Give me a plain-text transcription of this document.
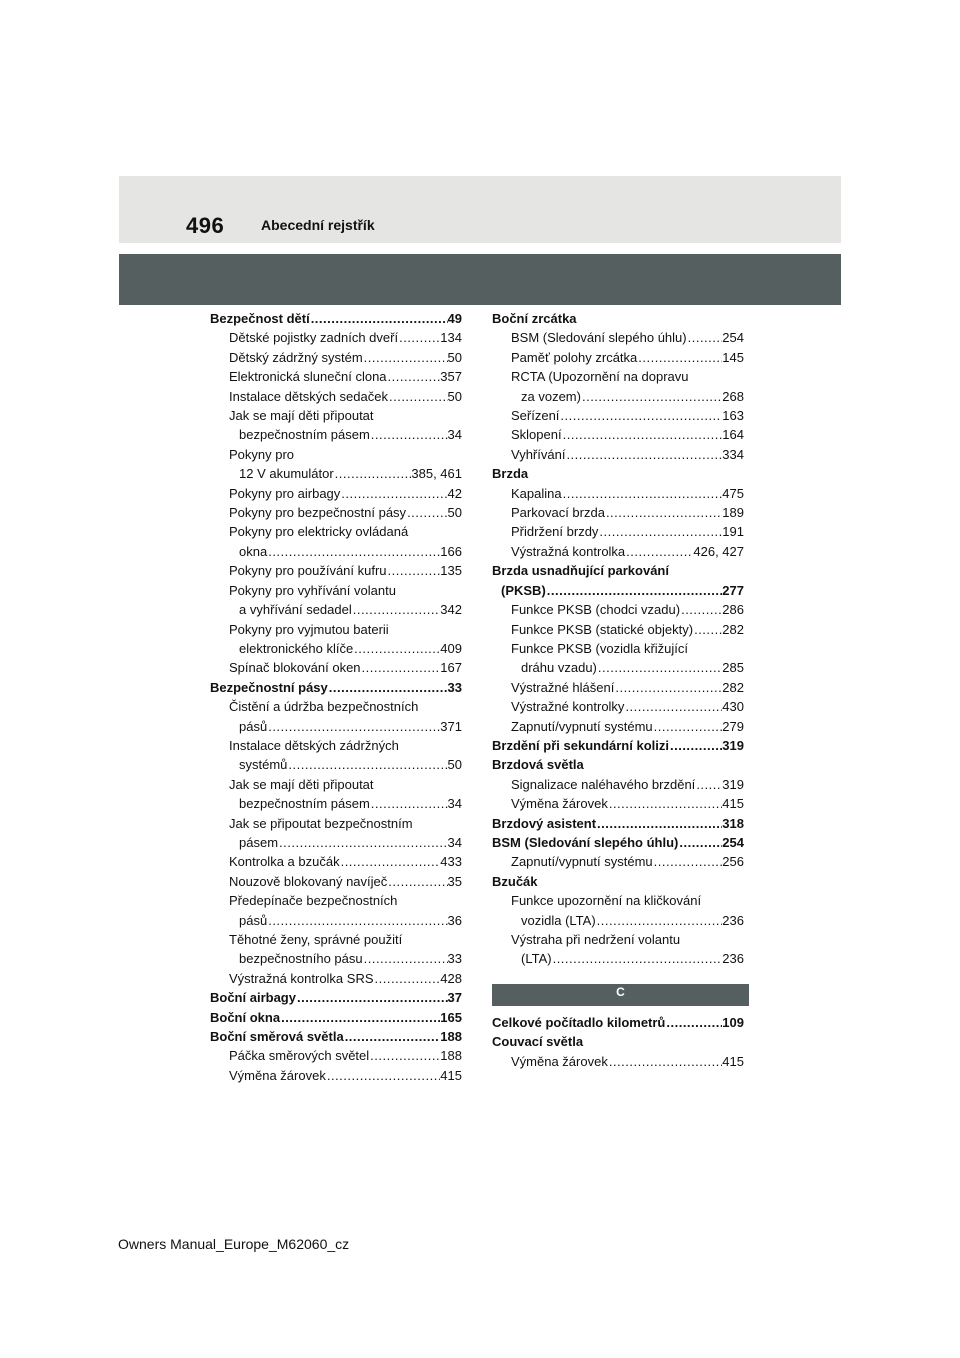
496	Abecední rejstřík
Bezpečnost dětí .....	49
Dětské pojistky zadních dveří .....	134
Dětský zádržný systém .....	50
Elektronická sluneční clona .....	357
Instalace dětských sedaček .....	50
Jak se mají děti připoutat
bezpečnostním pásem .....	34
Pokyny pro
12 V akumulátor .....	385, 461
Pokyny pro airbagy .....	42
Pokyny pro bezpečnostní pásy .....	50
Pokyny pro elektricky ovládaná
okna .....	166
Pokyny pro používání kufru .....	135
Pokyny pro vyhřívání volantu
a vyhřívání sedadel .....	342
Pokyny pro vyjmutou baterii
elektronického klíče .....	409
Spínač blokování oken .....	167
Bezpečnostní pásy .....	33
Čistění a údržba bezpečnostních
pásů .....	371
Instalace dětských zádržných
systémů .....	50
Jak se mají děti připoutat
bezpečnostním pásem .....	34
Jak se připoutat bezpečnostním
pásem .....	34
Kontrolka a bzučák .....	433
Nouzově blokovaný navíječ .....	35
Předepínače bezpečnostních
pásů .....	36
Těhotné ženy, správné použití
bezpečnostního pásu .....	33
Výstražná kontrolka SRS .....	428
Boční airbagy .....	37
Boční okna .....	165
Boční směrová světla .....	188
Páčka směrových světel .....	188
Výměna žárovek .....	415
Boční zrcátka
BSM (Sledování slepého úhlu) .....	254
Paměť polohy zrcátka .....	145
RCTA (Upozornění na dopravu
za vozem) .....	268
Seřízení .....	163
Sklopení .....	164
Vyhřívání .....	334
Brzda
Kapalina .....	475
Parkovací brzda .....	189
Přidržení brzdy .....	191
Výstražná kontrolka .....	426, 427
Brzda usnadňující parkování
(PKSB) .....	277
Funkce PKSB (chodci vzadu) .....	286
Funkce PKSB (statické objekty) ..... 282
Funkce PKSB (vozidla křižující
dráhu vzadu) .....	285
Výstražné hlášení .....	282
Výstražné kontrolky .....	430
Zapnutí/vypnutí systému .....	279
Brzdění při sekundární kolizi .....	319
Brzdová světla
Signalizace naléhavého brzdění ..... 319
Výměna žárovek .....	415
Brzdový asistent .....	318
BSM (Sledování slepého úhlu) .....	254
Zapnutí/vypnutí systému .....	256
Bzučák
Funkce upozornění na kličkování
vozidla (LTA) .....	236
Výstraha při nedržení volantu
(LTA) .....	236
C
Celkové počítadlo kilometrů .....	109
Couvací světla
Výměna žárovek .....	415
Owners Manual_Europe_M62060_cz
